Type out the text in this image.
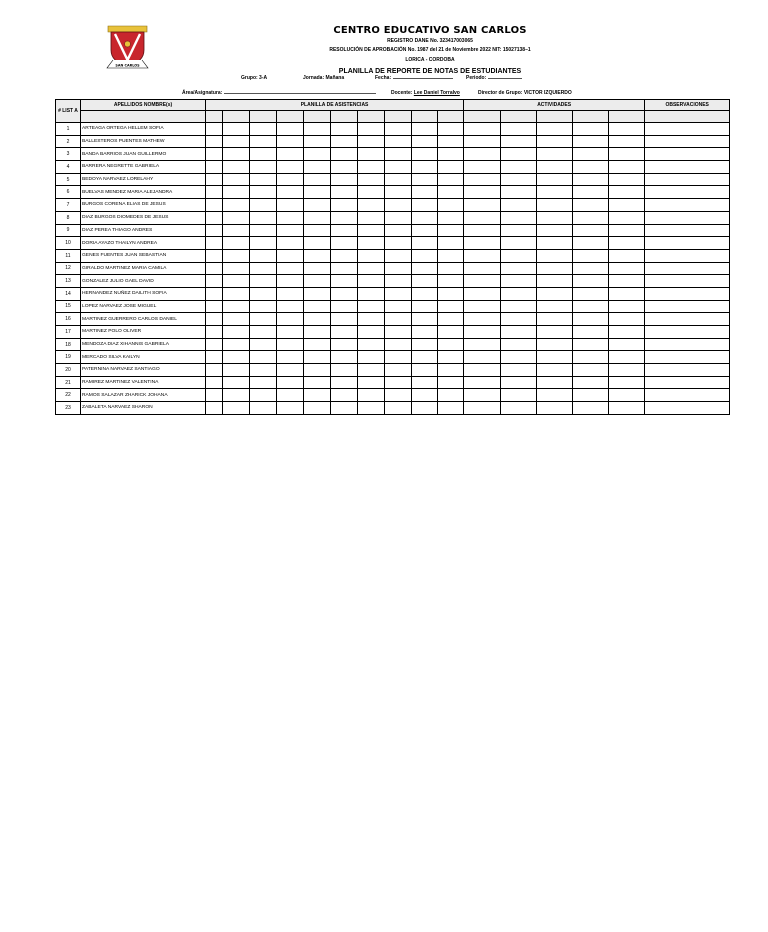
SAN CARLOS
CENTRO EDUCATIVO SAN CARLOS
REGISTRO DANE No. 323417003065
RESOLUCIÓN DE APROBACIÓN No. 1987 del 21 de Noviembre 2022 NIT: 15027138–1
LORICA - CORDOBA
PLANILLA DE REPORTE DE NOTAS DE ESTUDIANTES
Grupo: 3-A	Jornada: Mañana	Fecha:	Periodo:
Área/Asignatura:	Docente: Lee Daniel Torralvo	Director de Grupo: VICTOR IZQUIERDO
# LIST A	APELLIDOS NOMBRE(s)	PLANILLA DE ASISTENCIAS										ACTIVIDADES					OBSERVACIONES	

1	ARTEAGA ORTEGA HELLEM SOFIA																	
2	BALLESTEROS PUENTES MATHEW																	
3	BANDA BARRIOS JUAN GUILLERMO																	
4	BARRERA NEGRETTE GABRIELA																	
5	BEDOYA NARVAEZ LORELAHY																	
6	BUELVAS MENDEZ MARIA ALEJANDRA																	
7	BURGOS CORENA ELIAS DE JESUS																	
8	DIAZ BURGOS DIOMEDES DE JESUS																	
9	DIAZ PEREA THIAGO ANDRES																	
10	DORIA AYAZO THAILYN ANDREA																	
11	GENES FUENTES JUAN SEBASTIAN																	
12	GIRALDO MARTINEZ MARIA CAMILA																	
13	GONZALEZ JULIO GAEL DAVID																	
14	HERNANDEZ NUÑEZ DAILITH SOFIA																	
15	LOPEZ NARVAEZ JOSE MIGUEL																	
16	MARTINEZ GUERRERO CARLOS DANIEL																	
17	MARTINEZ POLO OLIVER																	
18	MENDOZA DIAZ XIHANNIS GABRIELA																	
19	MERCADO SILVA KAILYN																	
20	PATERNINA NARVAEZ SANTIAGO																	
21	RAMIREZ MARTINEZ VALENTINA																	
22	RAMOS SALAZAR ZHARICK JOHANA																	
23	ZABALETA NARVAEZ SHARON																	
